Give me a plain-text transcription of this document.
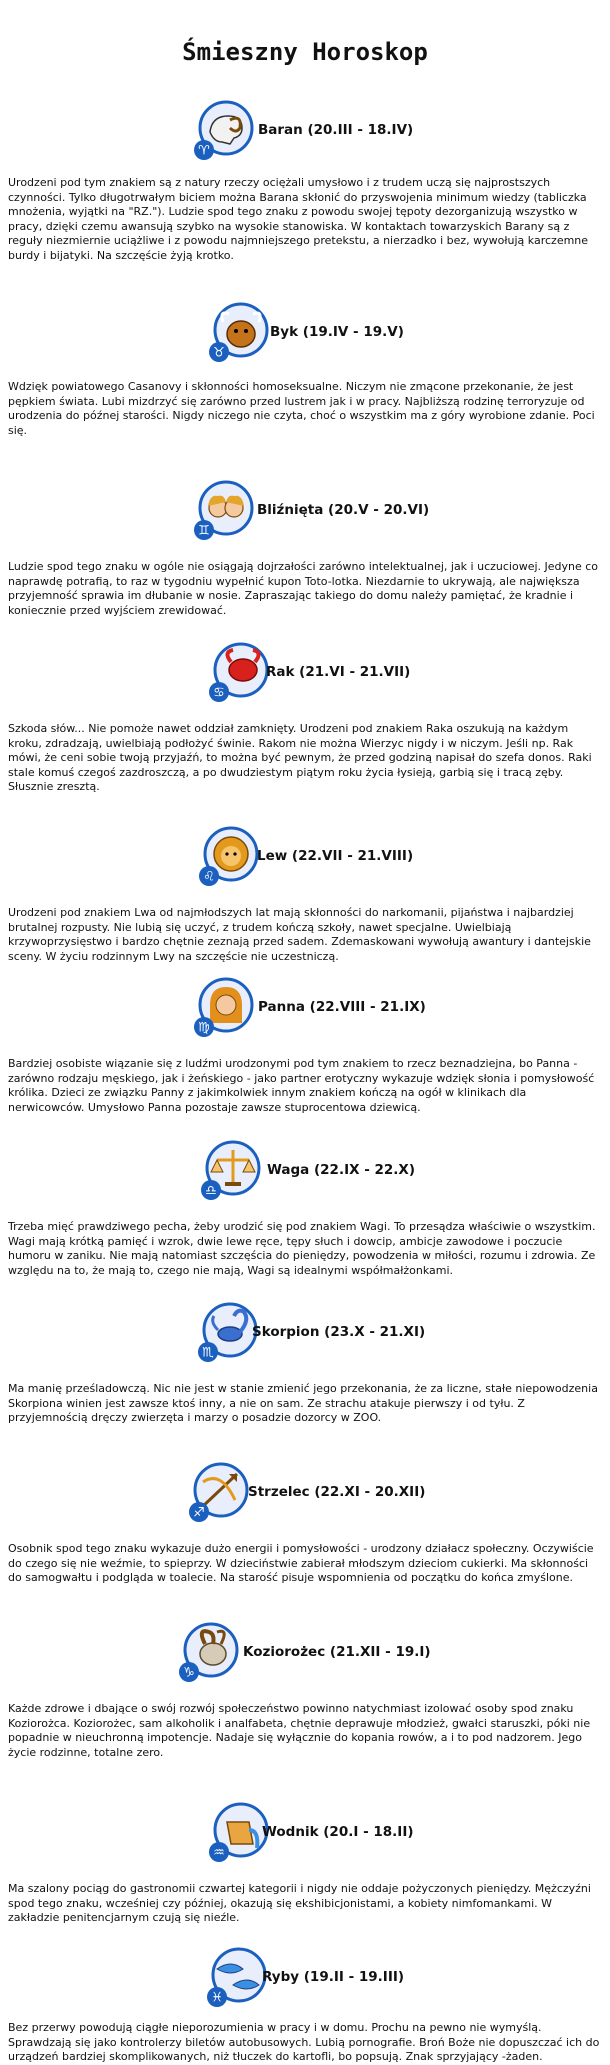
Śmieszny Horoskop
♈
Baran (20.III - 18.IV)

Urodzeni pod tym znakiem są z natury rzeczy ociężali umysłowo i z trudem uczą się najprostszych czynności. Tylko długotrwałym biciem można Barana skłonić do przyswojenia minimum wiedzy (tabliczka mnożenia, wyjątki na "RZ."). Ludzie spod tego znaku z powodu swojej tępoty dezorganizują wszystko w pracy, dzięki czemu awansują szybko na wysokie stanowiska. W kontaktach towarzyskich Barany są z reguły niezmiernie uciążliwe i z powodu najmniejszego pretekstu, a nierzadko i bez, wywołują karczemne burdy i bijatyki. Na szczęście żyją krotko.

♉
Byk (19.IV - 19.V)

Wdzięk powiatowego Casanovy i skłonności homoseksualne. Niczym nie zmącone przekonanie, że jest pępkiem świata. Lubi mizdrzyć się zarówno przed lustrem jak i w pracy. Najbliższą rodzinę terroryzuje od urodzenia do późnej starości. Nigdy niczego nie czyta, choć o wszystkim ma z góry wyrobione zdanie. Poci się.

♊
Bliźnięta (20.V - 20.VI)

Ludzie spod tego znaku w ogóle nie osiągają dojrzałości zarówno intelektualnej, jak i uczuciowej. Jedyne co naprawdę potrafią, to raz w tygodniu wypełnić kupon Toto-lotka. Niezdarnie to ukrywają, ale największa przyjemność sprawia im dłubanie w nosie. Zapraszając takiego do domu należy pamiętać, że kradnie i koniecznie przed wyjściem zrewidować.

♋
Rak (21.VI - 21.VII)

Szkoda słów... Nie pomoże nawet oddział zamknięty. Urodzeni pod znakiem Raka oszukują na każdym kroku, zdradzają, uwielbiają podłożyć świnie. Rakom nie można Wierzyc nigdy i w niczym. Jeśli np. Rak mówi, że ceni sobie twoją przyjaźń, to można być pewnym, że przed godziną napisał do szefa donos. Raki stale komuś czegoś zazdroszczą, a po dwudziestym piątym roku życia łysieją, garbią się i tracą zęby. Słusznie zresztą.

♌
Lew (22.VII - 21.VIII)

Urodzeni pod znakiem Lwa od najmłodszych lat mają skłonności do narkomanii, pijaństwa i najbardziej brutalnej rozpusty. Nie lubią się uczyć, z trudem kończą szkoły, nawet specjalne. Uwielbiają krzywoprzysięstwo i bardzo chętnie zeznają przed sadem. Zdemaskowani wywołują awantury i dantejskie sceny. W życiu rodzinnym Lwy na szczęście nie uczestniczą.

♍
Panna (22.VIII - 21.IX)

Bardziej osobiste wiązanie się z ludźmi urodzonymi pod tym znakiem to rzecz beznadziejna, bo Panna - zarówno rodzaju męskiego, jak i żeńskiego - jako partner erotyczny wykazuje wdzięk słonia i pomysłowość królika. Dzieci ze związku Panny z jakimkolwiek innym znakiem kończą na ogół w klinikach dla nerwicowców. Umysłowo Panna pozostaje zawsze stuprocentowa dziewicą.

♎
Waga (22.IX - 22.X)

Trzeba mięć prawdziwego pecha, żeby urodzić się pod znakiem Wagi. To przesądza właściwie o wszystkim. Wagi mają krótką pamięć i wzrok, dwie lewe ręce, tępy słuch i dowcip, ambicje zawodowe i poczucie humoru w zaniku. Nie mają natomiast szczęścia do pieniędzy, powodzenia w miłości, rozumu i zdrowia. Ze względu na to, że mają to, czego nie mają, Wagi są idealnymi współmałżonkami.

♏
Skorpion (23.X - 21.XI)

Ma manię prześladowczą. Nic nie jest w stanie zmienić jego przekonania, że za liczne, stałe niepowodzenia Skorpiona winien jest zawsze ktoś inny, a nie on sam. Ze strachu atakuje pierwszy i od tyłu. Z przyjemnością dręczy zwierzęta i marzy o posadzie dozorcy w ZOO.

♐
Strzelec (22.XI - 20.XII)

Osobnik spod tego znaku wykazuje dużo energii i pomysłowości - urodzony działacz społeczny. Oczywiście do czego się nie weźmie, to spieprzy. W dzieciństwie zabierał młodszym dzieciom cukierki. Ma skłonności do samogwałtu i podgląda w toalecie. Na starość pisuje wspomnienia od początku do końca zmyślone.

♑
Koziorożec (21.XII - 19.I)

Każde zdrowe i dbające o swój rozwój społeczeństwo powinno natychmiast izolować osoby spod znaku Koziorożca. Koziorożec, sam alkoholik i analfabeta, chętnie deprawuje młodzież, gwałci staruszki, póki nie popadnie w nieuchronną impotencje. Nadaje się wyłącznie do kopania rowów, a i to pod nadzorem. Jego życie rodzinne, totalne zero.

♒
Wodnik (20.I - 18.II)

Ma szalony pociąg do gastronomii czwartej kategorii i nigdy nie oddaje pożyczonych pieniędzy. Mężczyźni spod tego znaku, wcześniej czy później, okazują się ekshibicjonistami, a kobiety nimfomankami. W zakładzie penitencjarnym czują się nieźle.

♓
Ryby (19.II - 19.III)

Bez przerwy powodują ciągłe nieporozumienia w pracy i w domu. Prochu na pewno nie wymyślą. Sprawdzają się jako kontrolerzy biletów autobusowych. Lubią pornografie. Broń Boże nie dopuszczać ich do urządzeń bardziej skomplikowanych, niż tłuczek do kartofli, bo popsują. Znak sprzyjający -żaden.
